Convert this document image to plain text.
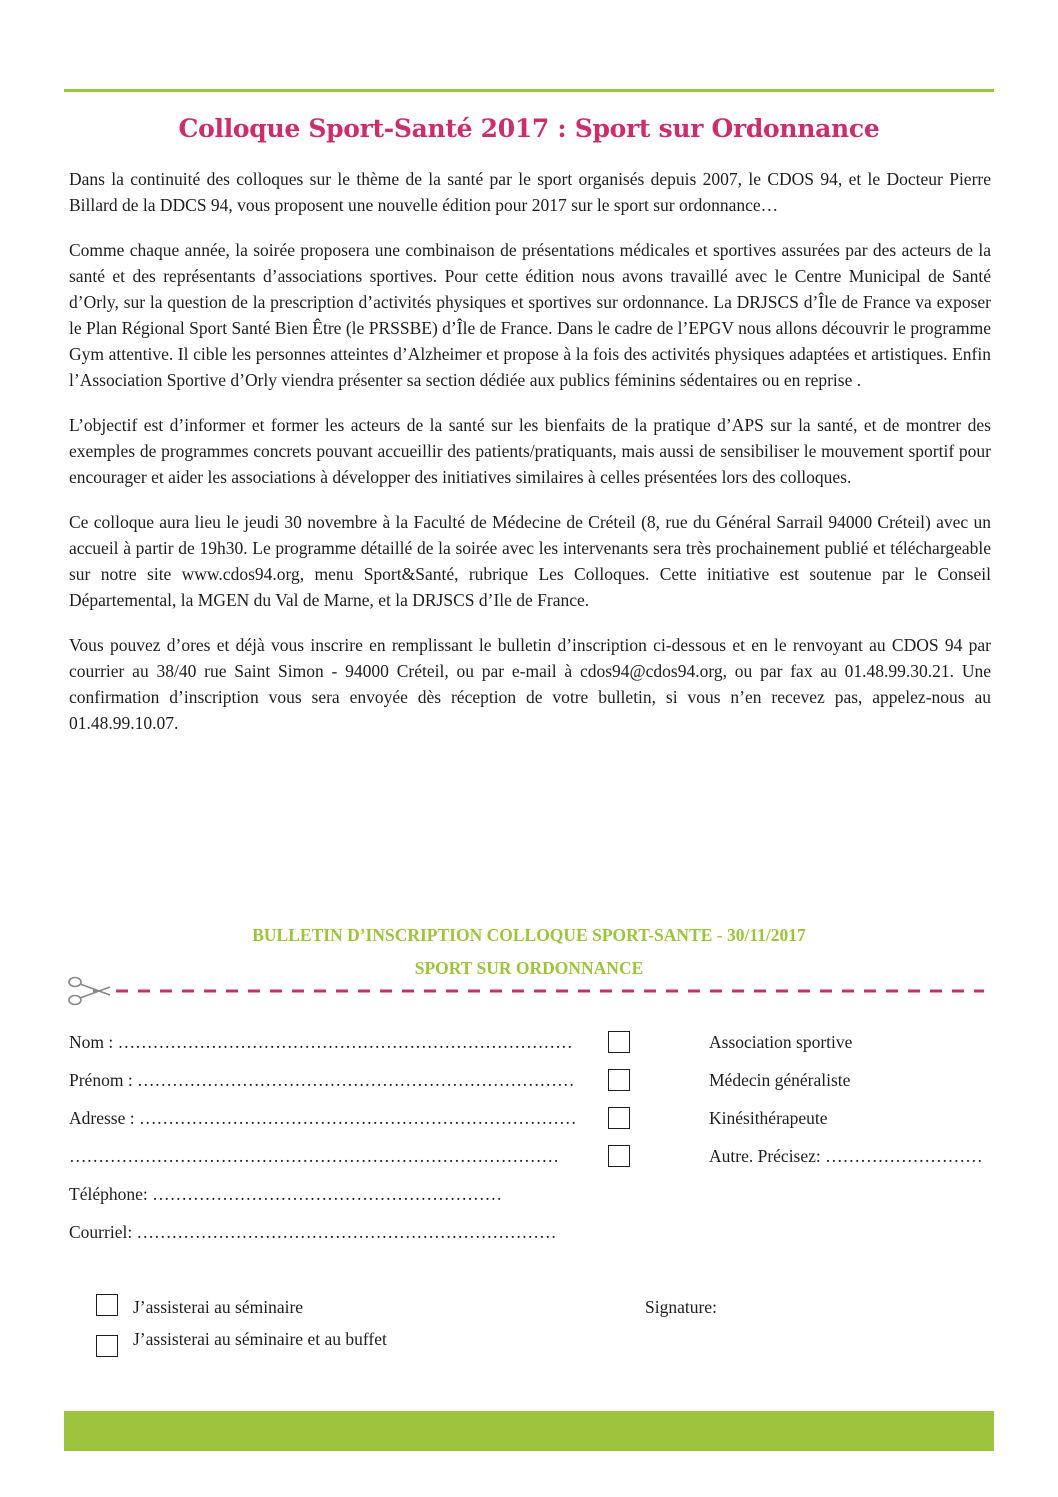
Colloque Sport-Santé 2017 : Sport sur Ordonnance

Dans la continuité des colloques sur le thème de la santé par le sport organisés depuis 2007, le CDOS 94, et le Docteur Pierre Billard de la DDCS 94, vous proposent une nouvelle édition pour 2017 sur le sport sur ordonnance…

Comme chaque année, la soirée proposera une combinaison de présentations médicales et sportives assurées par des acteurs de la santé et des représentants d’associations sportives. Pour cette édition nous avons travaillé avec le Centre Municipal de Santé d’Orly, sur la question de la prescription d’activités physiques et sportives sur ordonnance. La DRJSCS d’Île de France va exposer le Plan Régional Sport Santé Bien Être (le PRSSBE) d’Île de France. Dans le cadre de l’EPGV nous allons découvrir le programme Gym attentive. Il cible les personnes atteintes d’Alzheimer et propose à la fois des activités physiques adaptées et artistiques. Enfin l’Association Sportive d’Orly viendra présenter sa section dédiée aux publics féminins sédentaires ou en reprise .

L’objectif est d’informer et former les acteurs de la santé sur les bienfaits de la pratique d’APS sur la santé, et de montrer des exemples de programmes concrets pouvant accueillir des patients/pratiquants, mais aussi de sensibiliser le mouvement sportif pour encourager et aider les associations à développer des initiatives similaires à celles présentées lors des colloques.

Ce colloque aura lieu le jeudi 30 novembre à la Faculté de Médecine de Créteil (8, rue du Général Sarrail 94000 Créteil) avec un accueil à partir de 19h30. Le programme détaillé de la soirée avec les intervenants sera très prochainement publié et téléchargeable sur notre site www.cdos94.org, menu Sport&Santé, rubrique Les Colloques. Cette initiative est soutenue par le Conseil Départemental, la MGEN du Val de Marne, et la DRJSCS d’Ile de France.

Vous pouvez d’ores et déjà vous inscrire en remplissant le bulletin d’inscription ci-dessous et en le renvoyant au CDOS 94 par courrier au 38/40 rue Saint Simon - 94000 Créteil, ou par e-mail à cdos94@cdos94.org, ou par fax au 01.48.99.30.21. Une confirmation d’inscription vous sera envoyée dès réception de votre bulletin, si vous n’en recevez pas, appelez-nous au 01.48.99.10.07.

BULLETIN D’INSCRIPTION COLLOQUE SPORT-SANTE - 30/11/2017
SPORT SUR ORDONNANCE
Nom : ……………………………………………………………………
Prénom : …………………………………………………………………
Adresse : …………………………………………………………………
…………………………………………………………………………
Téléphone: ……………………………………………………
Courriel: ………………………………………………………………
Association sportive
Médecin généraliste
Kinésithérapeute
Autre. Précisez: ………………………
J’assisterai au séminaire
J’assisterai au séminaire et au buffet
Signature:
